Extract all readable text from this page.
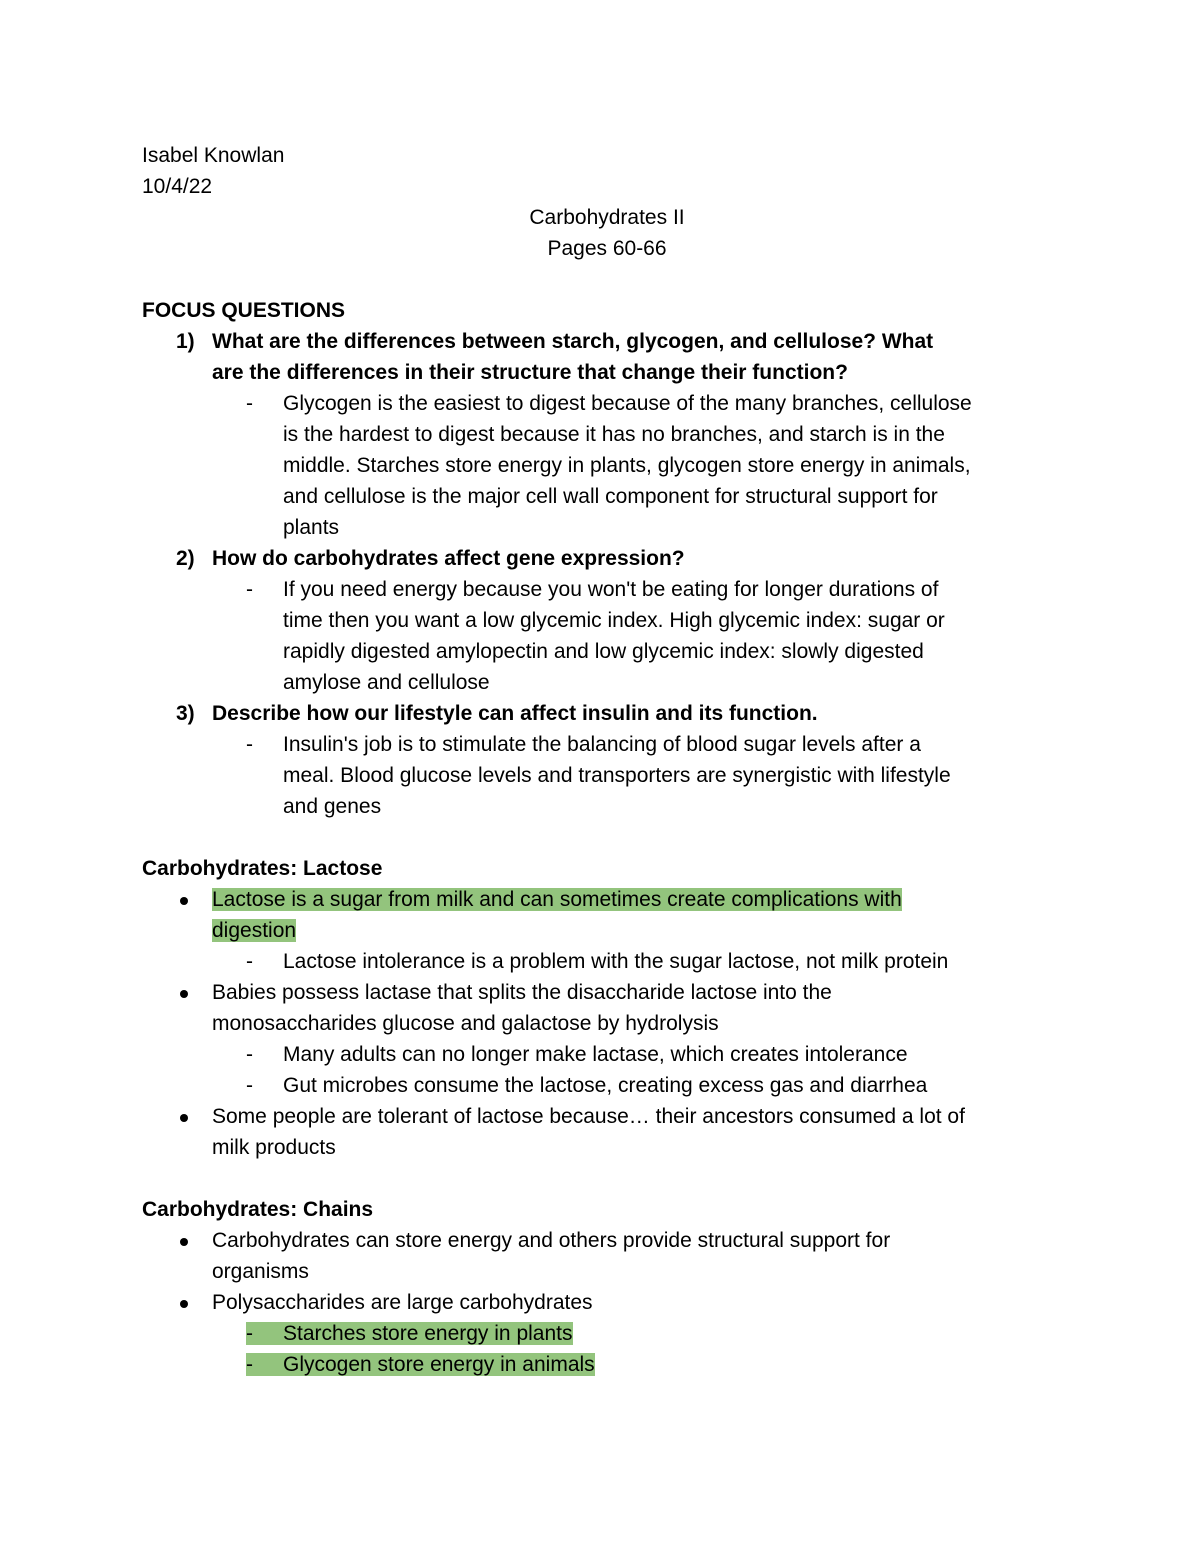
Isabel Knowlan
10/4/22
Carbohydrates II
Pages 60-66
FOCUS QUESTIONS
1) What are the differences between starch, glycogen, and cellulose? What
are the differences in their structure that change their function?
- Glycogen is the easiest to digest because of the many branches, cellulose
is the hardest to digest because it has no branches, and starch is in the
middle. Starches store energy in plants, glycogen store energy in animals,
and cellulose is the major cell wall component for structural support for
plants
2) How do carbohydrates affect gene expression?
- If you need energy because you won't be eating for longer durations of
time then you want a low glycemic index. High glycemic index: sugar or
rapidly digested amylopectin and low glycemic index: slowly digested
amylose and cellulose
3) Describe how our lifestyle can affect insulin and its function.
- Insulin's job is to stimulate the balancing of blood sugar levels after a
meal. Blood glucose levels and transporters are synergistic with lifestyle
and genes
Carbohydrates: Lactose
Lactose is a sugar from milk and can sometimes create complications with
digestion
- Lactose intolerance is a problem with the sugar lactose, not milk protein
Babies possess lactase that splits the disaccharide lactose into the
monosaccharides glucose and galactose by hydrolysis
- Many adults can no longer make lactase, which creates intolerance
- Gut microbes consume the lactose, creating excess gas and diarrhea
Some people are tolerant of lactose because… their ancestors consumed a lot of
milk products
Carbohydrates: Chains
Carbohydrates can store energy and others provide structural support for
organisms
Polysaccharides are large carbohydrates
- Starches store energy in plants
- Glycogen store energy in animals
